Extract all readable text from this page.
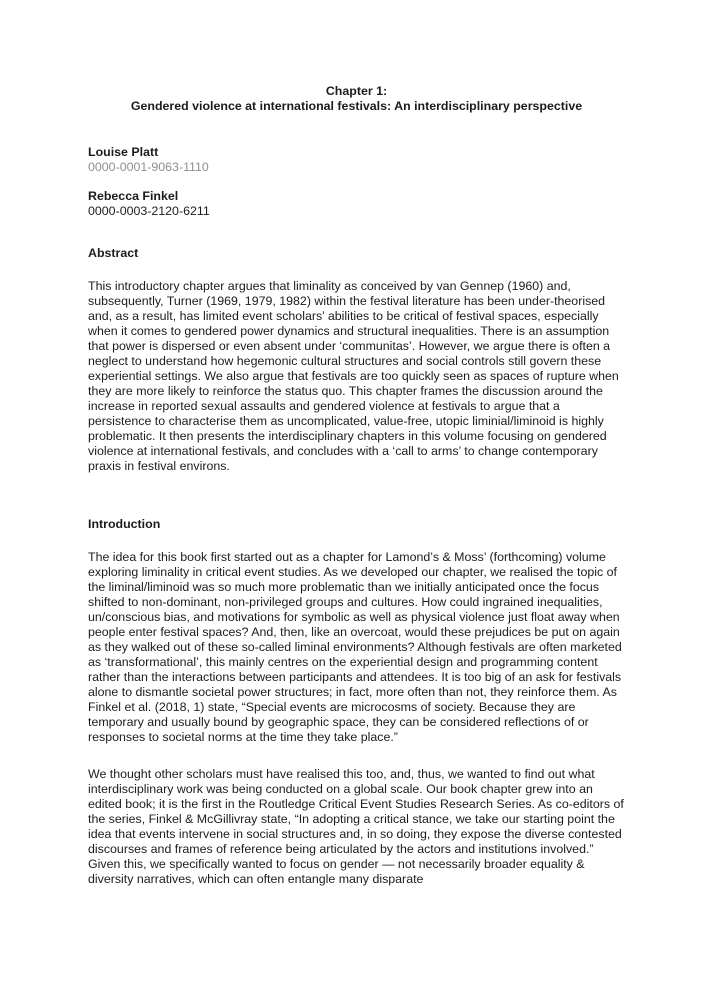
Chapter 1:
Gendered violence at international festivals: An interdisciplinary perspective
Louise Platt
0000-0001-9063-1110
Rebecca Finkel
0000-0003-2120-6211
Abstract

This introductory chapter argues that liminality as conceived by van Gennep (1960) and, subsequently, Turner (1969, 1979, 1982) within the festival literature has been under-theorised and, as a result, has limited event scholars’ abilities to be critical of festival spaces, especially when it comes to gendered power dynamics and structural inequalities. There is an assumption that power is dispersed or even absent under ‘communitas’. However, we argue there is often a neglect to understand how hegemonic cultural structures and social controls still govern these experiential settings. We also argue that festivals are too quickly seen as spaces of rupture when they are more likely to reinforce the status quo. This chapter frames the discussion around the increase in reported sexual assaults and gendered violence at festivals to argue that a persistence to characterise them as uncomplicated, value-free, utopic liminial/liminoid is highly problematic. It then presents the interdisciplinary chapters in this volume focusing on gendered violence at international festivals, and concludes with a ‘call to arms’ to change contemporary praxis in festival environs.

Introduction

The idea for this book first started out as a chapter for Lamond’s & Moss’ (forthcoming) volume exploring liminality in critical event studies. As we developed our chapter, we realised the topic of the liminal/liminoid was so much more problematic than we initially anticipated once the focus shifted to non-dominant, non-privileged groups and cultures. How could ingrained inequalities, un/conscious bias, and motivations for symbolic as well as physical violence just float away when people enter festival spaces? And, then, like an overcoat, would these prejudices be put on again as they walked out of these so-called liminal environments? Although festivals are often marketed as ‘transformational’, this mainly centres on the experiential design and programming content rather than the interactions between participants and attendees. It is too big of an ask for festivals alone to dismantle societal power structures; in fact, more often than not, they reinforce them. As Finkel et al. (2018, 1) state, “Special events are microcosms of society. Because they are temporary and usually bound by geographic space, they can be considered reflections of or responses to societal norms at the time they take place.”

We thought other scholars must have realised this too, and, thus, we wanted to find out what interdisciplinary work was being conducted on a global scale. Our book chapter grew into an edited book; it is the first in the Routledge Critical Event Studies Research Series. As co-editors of the series, Finkel & McGillivray state, “In adopting a critical stance, we take our starting point the idea that events intervene in social structures and, in so doing, they expose the diverse contested discourses and frames of reference being articulated by the actors and institutions involved.” Given this, we specifically wanted to focus on gender — not necessarily broader equality & diversity narratives, which can often entangle many disparate
